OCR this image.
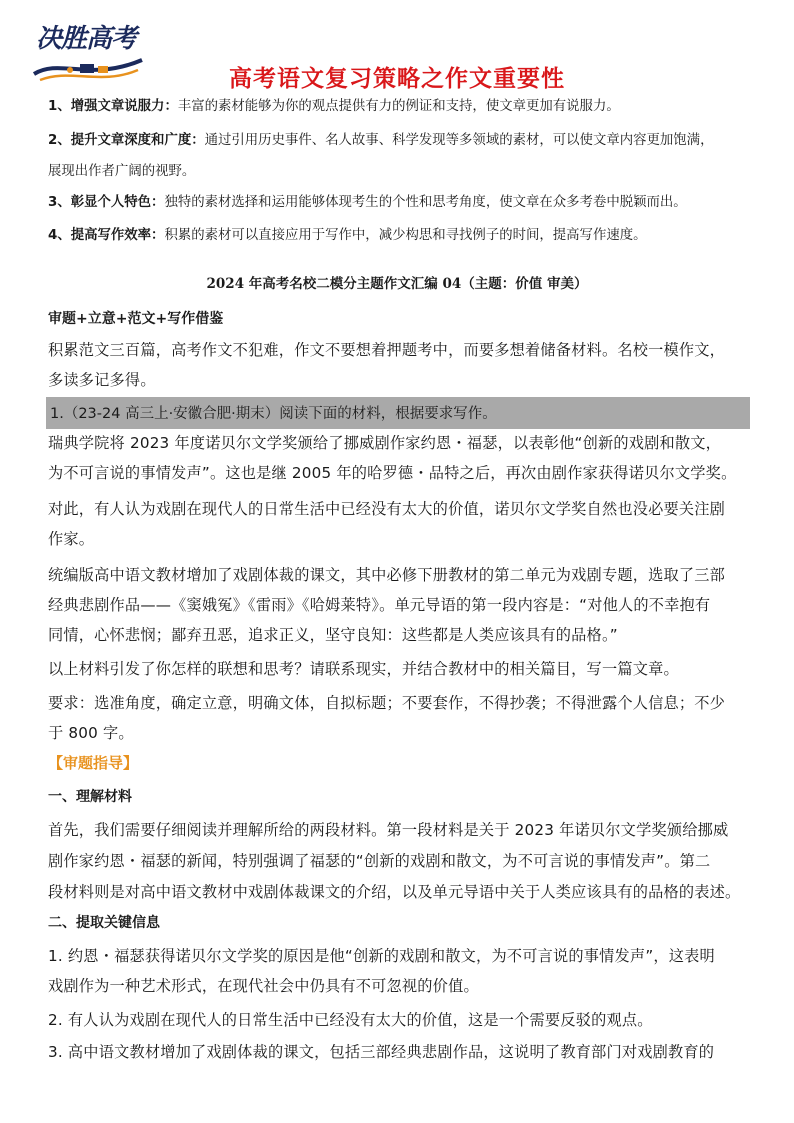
决胜高考
高考语文复习策略之作文重要性
1、增强文章说服力：丰富的素材能够为你的观点提供有力的例证和支持，使文章更加有说服力。
2、提升文章深度和广度：通过引用历史事件、名人故事、科学发现等多领域的素材，可以使文章内容更加饱满，
展现出作者广阔的视野。
3、彰显个人特色：独特的素材选择和运用能够体现考生的个性和思考角度，使文章在众多考卷中脱颖而出。
4、提高写作效率：积累的素材可以直接应用于写作中，减少构思和寻找例子的时间，提高写作速度。
2024 年高考名校二模分主题作文汇编 04（主题：价值 审美）
审题+立意+范文+写作借鉴
积累范文三百篇，高考作文不犯难，作文不要想着押题考中，而要多想着储备材料。名校一模作文，
多读多记多得。
1.（23-24 高三上·安徽合肥·期末）阅读下面的材料，根据要求写作。
瑞典学院将 2023 年度诺贝尔文学奖颁给了挪威剧作家约恩・福瑟，以表彰他“创新的戏剧和散文，
为不可言说的事情发声”。这也是继 2005 年的哈罗德・品特之后，再次由剧作家获得诺贝尔文学奖。
对此，有人认为戏剧在现代人的日常生活中已经没有太大的价值，诺贝尔文学奖自然也没必要关注剧
作家。
统编版高中语文教材增加了戏剧体裁的课文，其中必修下册教材的第二单元为戏剧专题，选取了三部
经典悲剧作品——《窦娥冤》《雷雨》《哈姆莱特》。单元导语的第一段内容是：“对他人的不幸抱有
同情，心怀悲悯；鄙弃丑恶，追求正义，坚守良知：这些都是人类应该具有的品格。”
以上材料引发了你怎样的联想和思考？请联系现实，并结合教材中的相关篇目，写一篇文章。
要求：选准角度，确定立意，明确文体，自拟标题；不要套作，不得抄袭；不得泄露个人信息；不少
于 800 字。
【审题指导】
一、理解材料
首先，我们需要仔细阅读并理解所给的两段材料。第一段材料是关于 2023 年诺贝尔文学奖颁给挪威
剧作家约恩・福瑟的新闻，特别强调了福瑟的“创新的戏剧和散文，为不可言说的事情发声”。第二
段材料则是对高中语文教材中戏剧体裁课文的介绍，以及单元导语中关于人类应该具有的品格的表述。
二、提取关键信息
1. 约恩・福瑟获得诺贝尔文学奖的原因是他“创新的戏剧和散文，为不可言说的事情发声”，这表明
戏剧作为一种艺术形式，在现代社会中仍具有不可忽视的价值。
2. 有人认为戏剧在现代人的日常生活中已经没有太大的价值，这是一个需要反驳的观点。
3. 高中语文教材增加了戏剧体裁的课文，包括三部经典悲剧作品，这说明了教育部门对戏剧教育的
